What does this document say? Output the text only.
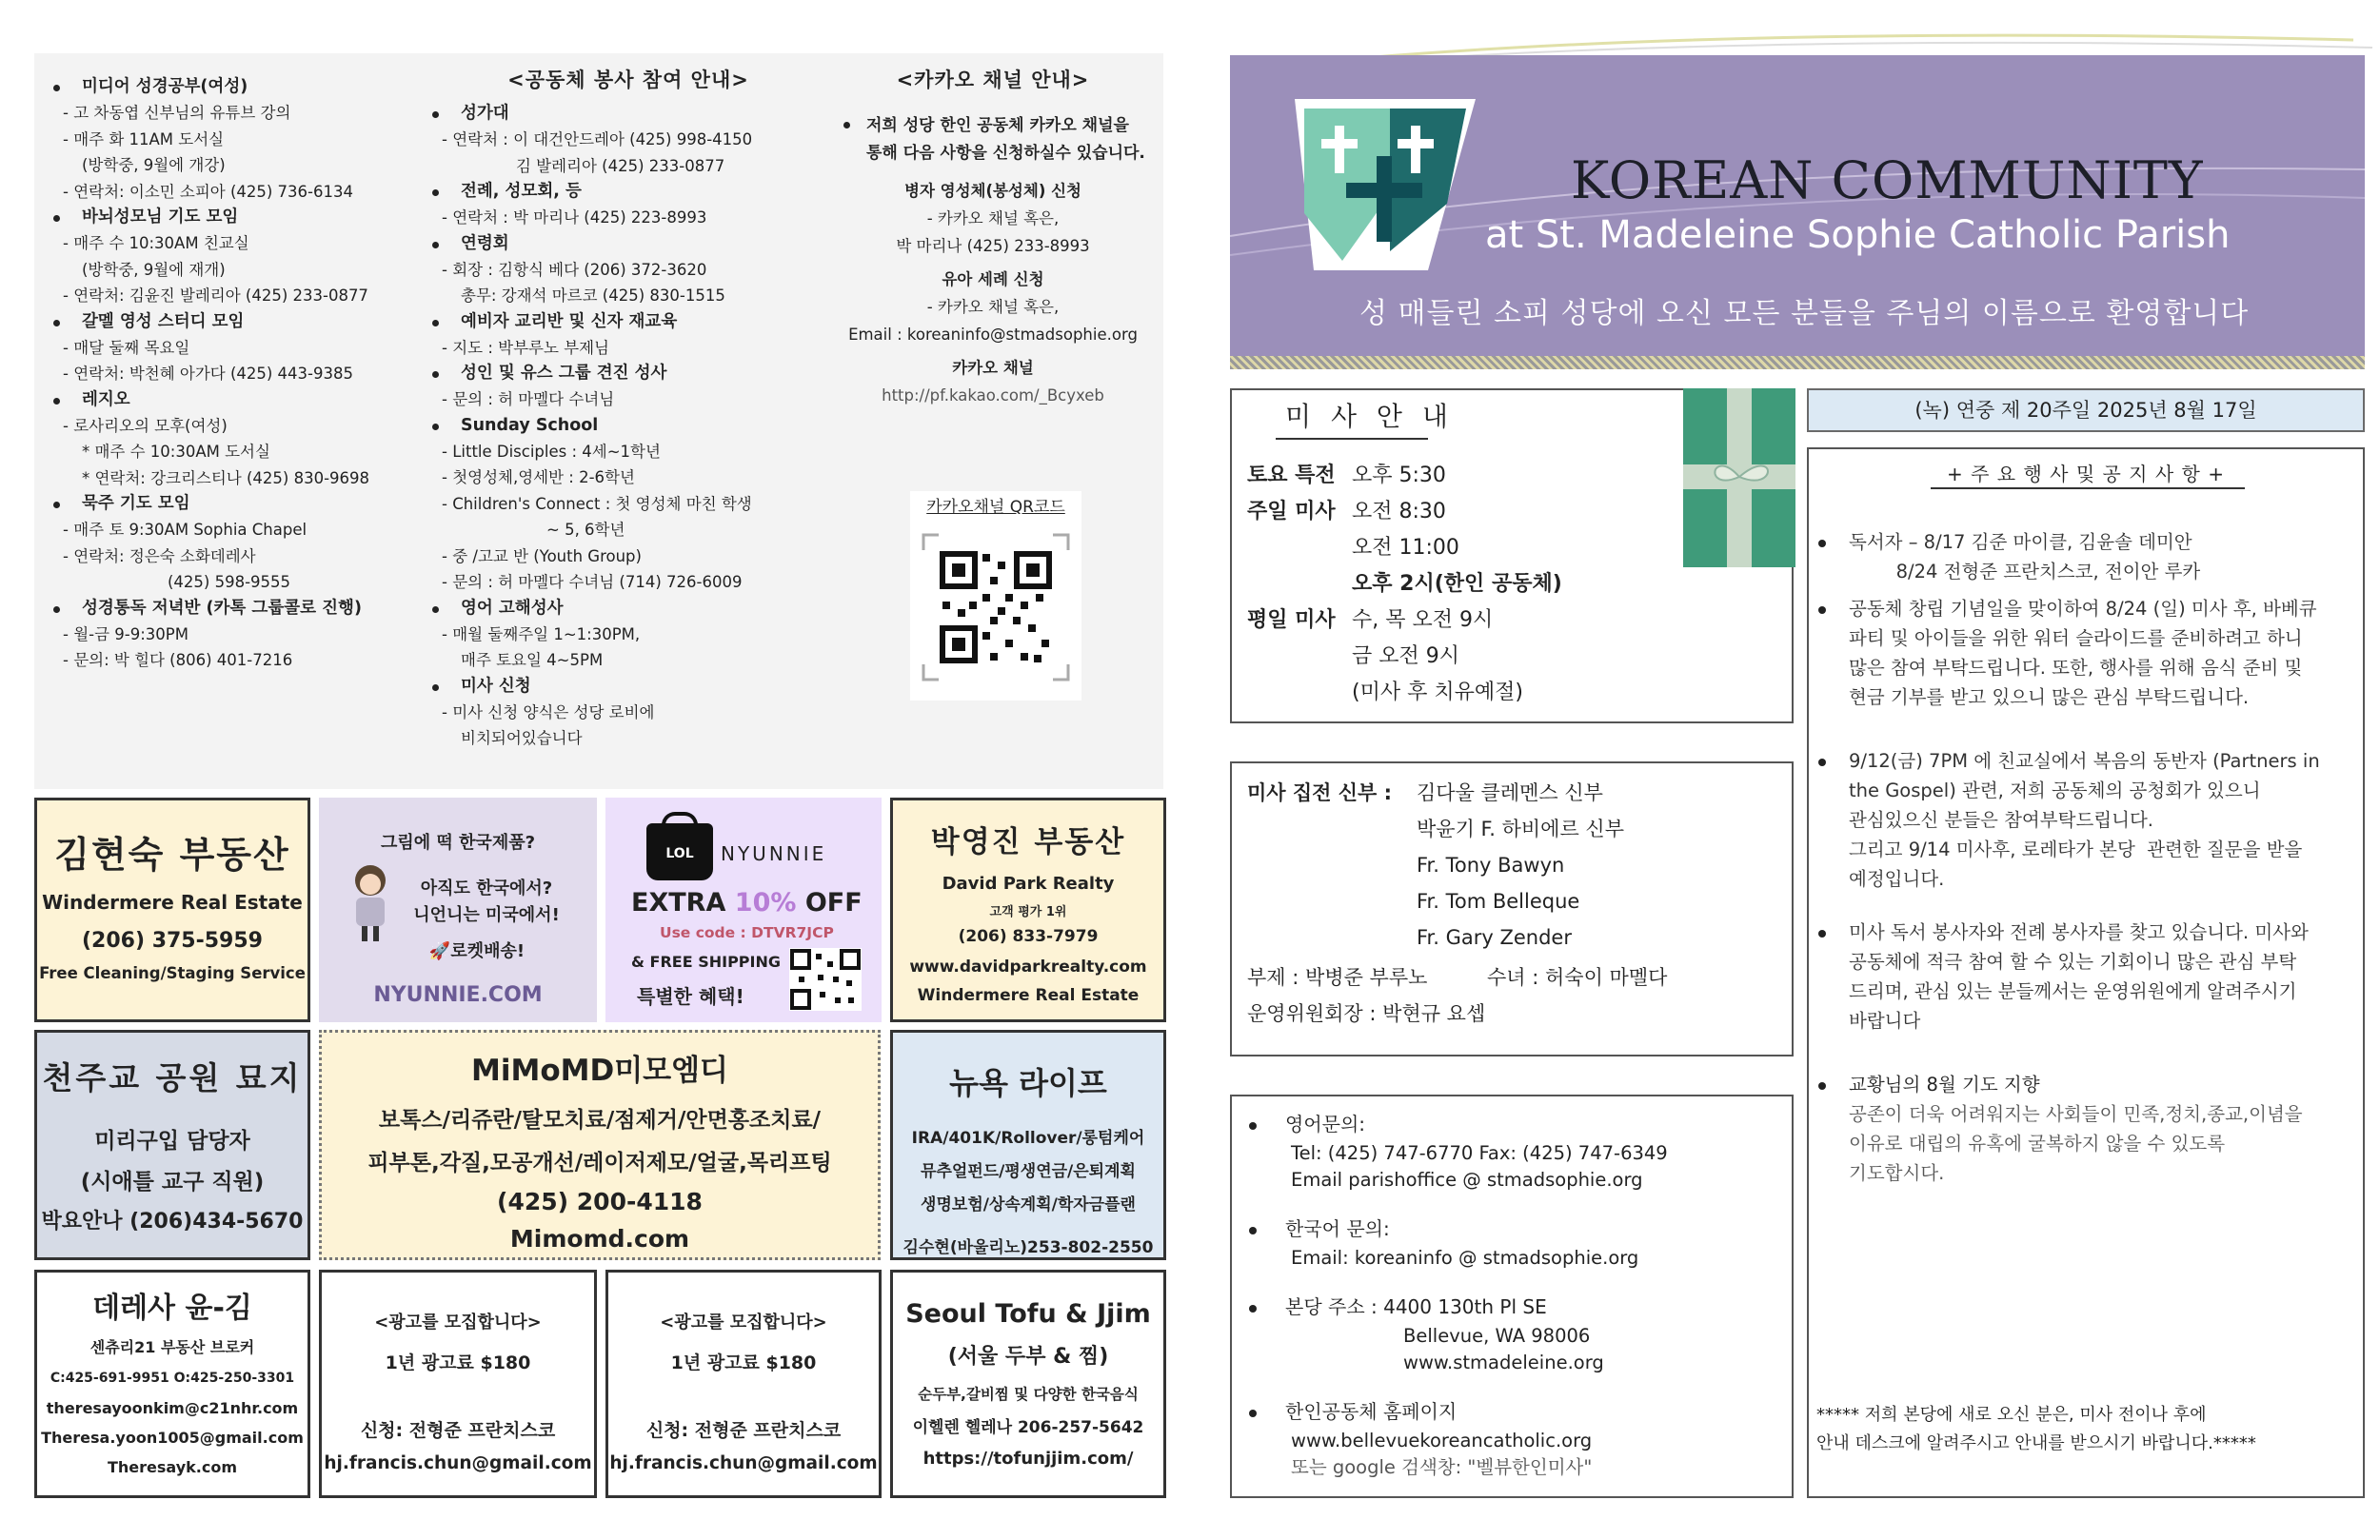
미디어 성경공부(여성)
- 고 차동엽 신부님의 유튜브 강의
- 매주 화 11AM 도서실
(방학중, 9월에 개강)
- 연락처: 이소민 소피아 (425) 736-6134
바뇌성모님 기도 모임
- 매주 수 10:30AM 친교실
(방학중, 9월에 재개)
- 연락처: 김윤진 발레리아 (425) 233-0877
갈멜 영성 스터디 모임
- 매달 둘째 목요일
- 연락처: 박천혜 아가다 (425) 443-9385
레지오
- 로사리오의 모후(여성)
* 매주 수 10:30AM 도서실
* 연락처: 강크리스티나 (425) 830-9698
묵주 기도 모임
- 매주 토 9:30AM Sophia Chapel
- 연락처: 정은숙 소화데레사
(425) 598-9555
성경통독 저녁반 (카톡 그룹콜로 진행)
- 월-금 9-9:30PM
- 문의: 박 힐다 (806) 401-7216
<공동체 봉사 참여 안내>
성가대
- 연락처 : 이 대건안드레아 (425) 998-4150
김 발레리아 (425) 233-0877
전례, 성모회, 등
- 연락처 : 박 마리나 (425) 223-8993
연령회
- 회장 : 김항식 베다 (206) 372-3620
총무: 강재석 마르코 (425) 830-1515
예비자 교리반 및 신자 재교육
- 지도 : 박부루노 부제님
성인 및 유스 그룹 견진 성사
- 문의 : 허 마멜다 수녀님
Sunday School
- Little Disciples : 4세~1학년
- 첫영성체,영세반 : 2-6학년
- Children's Connect : 첫 영성체 마친 학생
~ 5, 6학년
- 중 /고교 반 (Youth Group)
- 문의 : 허 마멜다 수녀님 (714) 726-6009
영어 고해성사
- 매월 둘째주일 1~1:30PM,
매주 토요일 4~5PM
미사 신청
- 미사 신청 양식은 성당 로비에
비치되어있습니다
<카카오 채널 안내>
저희 성당 한인 공동체 카카오 채널을
통해 다음 사항을 신청하실수 있습니다.
병자 영성체(봉성체) 신청
- 카카오 채널 혹은,
박 마리나 (425) 233-8993
유아 세례 신청
- 카카오 채널 혹은,
Email : koreaninfo@stmadsophie.org
카카오 채널
http://pf.kakao.com/_Bcyxeb
카카오채널 QR코드
김현숙 부동산
Windermere Real Estate
(206) 375-5959
Free Cleaning/Staging Service
그림에 떡 한국제품?
아직도 한국에서?
니언니는 미국에서!
🚀로켓배송!
NYUNNIE.COM
LOL	NYUNNIE
EXTRA 10% OFF
Use code : DTVR7JCP
& FREE SHIPPING
특별한 혜택!
박영진 부동산
David Park Realty
고객 평가 1위
(206) 833-7979
www.davidparkrealty.com
Windermere Real Estate
천주교 공원 묘지
미리구입 담당자
(시애틀 교구 직원)
박요안나 (206)434-5670
MiMoMD미모엠디
보톡스/리쥬란/탈모치료/점제거/안면홍조치료/
피부톤,각질,모공개선/레이저제모/얼굴,목리프팅
(425) 200-4118
Mimomd.com
뉴욕 라이프
IRA/401K/Rollover/롱텀케어
뮤추얼펀드/평생연금/은퇴계획
생명보험/상속계획/학자금플랜
김수현(바울리노)253-802-2550
데레사 윤-김
센츄리21 부동산 브로커
C:425-691-9951 O:425-250-3301
theresayoonkim@c21nhr.com
Theresa.yoon1005@gmail.com
Theresayk.com
<광고를 모집합니다>
1년 광고료 $180
신청: 전형준 프란치스코
hj.francis.chun@gmail.com
<광고를 모집합니다>
1년 광고료 $180
신청: 전형준 프란치스코
hj.francis.chun@gmail.com
Seoul Tofu & Jjim
(서울 두부 & 찜)
순두부,갈비찜 및 다양한 한국음식
이헬렌 헬레나 206-257-5642
https://tofunjjim.com/
KOREAN COMMUNITY
at St. Madeleine Sophie Catholic Parish
성 매들린 소피 성당에 오신 모든 분들을 주님의 이름으로 환영합니다
미 사 안 내
토요 특전 오후 5:30
주일 미사 오전 8:30
오전 11:00
오후 2시(한인 공동체)
평일 미사 수, 목 오전 9시
금 오전 9시
(미사 후 치유예절)
(녹) 연중 제 20주일 2025년 8월 17일
미사 집전 신부 : 김다울 클레멘스 신부
박윤기 F. 하비에르 신부
Fr. Tony Bawyn
Fr. Tom Belleque
Fr. Gary Zender
부제 : 박병준 부루노	수녀 : 허숙이 마멜다
운영위원회장 : 박현규 요셉
영어문의:
Tel: (425) 747-6770 Fax: (425) 747-6349
Email parishoffice @ stmadsophie.org
한국어 문의:
Email: koreaninfo @ stmadsophie.org
본당 주소 : 4400 130th Pl SE
Bellevue, WA 98006
www.stmadeleine.org
한인공동체 홈페이지
www.bellevuekoreancatholic.org
또는 google 검색창: "벨뷰한인미사"
+ 주 요 행 사 및 공 지 사 항 +
독서자 – 8/17 김준 마이클, 김윤솔 데미안
8/24 전형준 프란치스코, 전이안 루카
공동체 창립 기념일을 맞이하여 8/24 (일) 미사 후, 바베큐
파티 및 아이들을 위한 워터 슬라이드를 준비하려고 하니
많은 참여 부탁드립니다. 또한, 행사를 위해 음식 준비 및
현금 기부를 받고 있으니 많은 관심 부탁드립니다.
9/12(금) 7PM 에 친교실에서 복음의 동반자 (Partners in
the Gospel) 관련, 저희 공동체의 공청회가 있으니
관심있으신 분들은 참여부탁드립니다.
그리고 9/14 미사후, 로레타가 본당  관련한 질문을 받을
예정입니다.
미사 독서 봉사자와 전례 봉사자를 찾고 있습니다. 미사와
공동체에 적극 참여 할 수 있는 기회이니 많은 관심 부탁
드리며, 관심 있는 분들께서는 운영위원에게 알려주시기
바랍니다
교황님의 8월 기도 지향
공존이 더욱 어려워지는 사회들이 민족,정치,종교,이념을
이유로 대립의 유혹에 굴복하지 않을 수 있도록
기도합시다.
***** 저희 본당에 새로 오신 분은, 미사 전이나 후에
안내 데스크에 알려주시고 안내를 받으시기 바랍니다.*****
